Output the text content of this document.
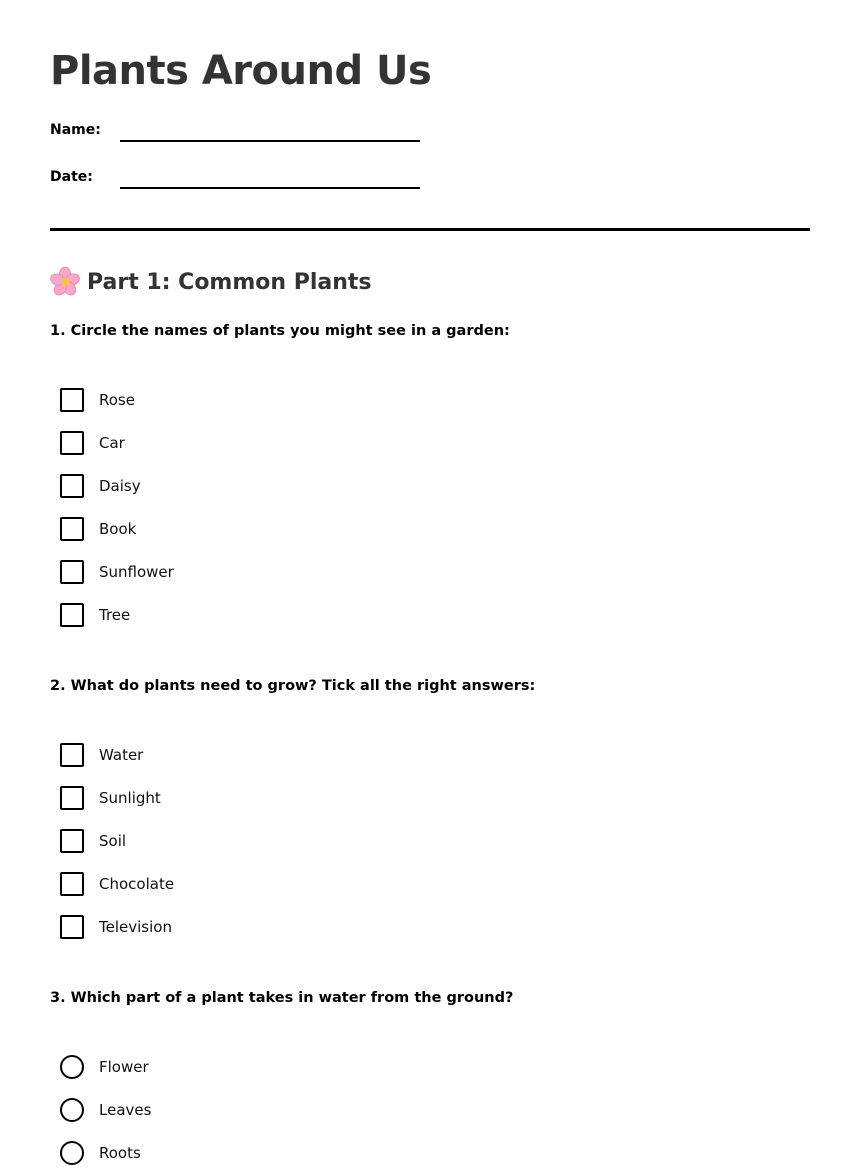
Plants Around Us
Name:
Date:
Part 1: Common Plants
1. Circle the names of plants you might see in a garden:
Rose
Car
Daisy
Book
Sunflower
Tree
2. What do plants need to grow? Tick all the right answers:
Water
Sunlight
Soil
Chocolate
Television
3. Which part of a plant takes in water from the ground?
Flower
Leaves
Roots
